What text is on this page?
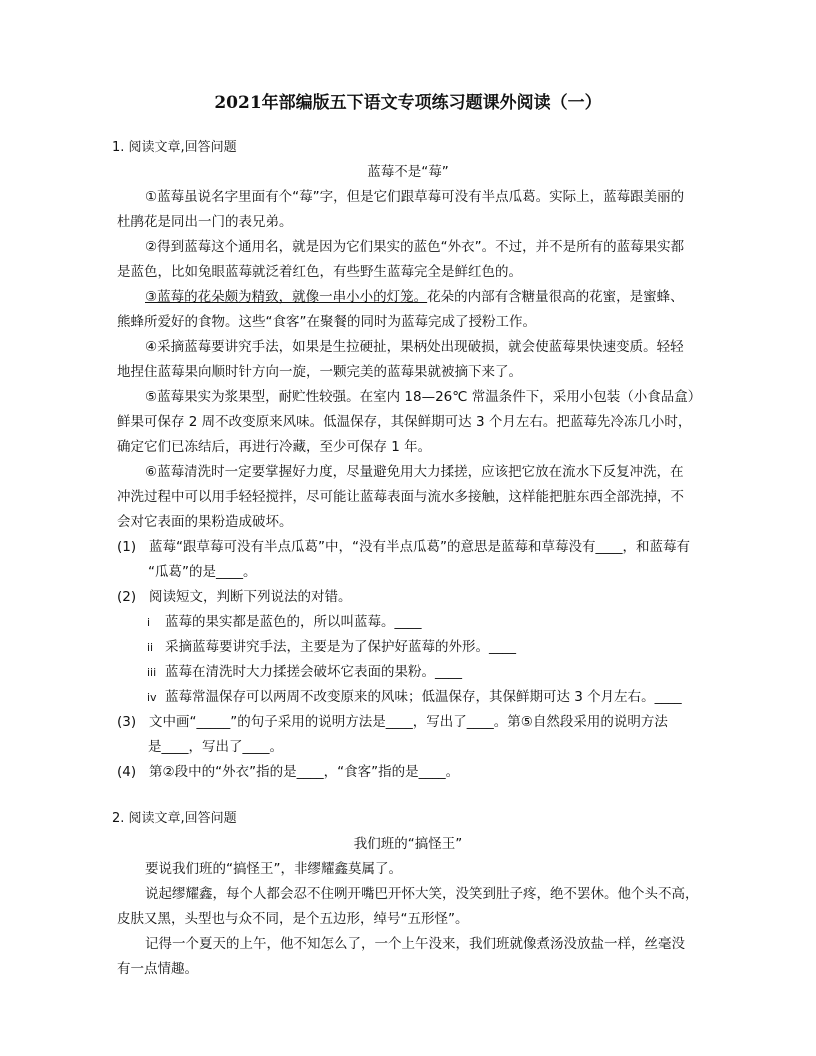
2021年部编版五下语文专项练习题课外阅读（一）
1. 阅读文章,回答问题
蓝莓不是“莓”
①蓝莓虽说名字里面有个“莓”字，但是它们跟草莓可没有半点瓜葛。实际上，蓝莓跟美丽的
杜鹃花是同出一门的表兄弟。
②得到蓝莓这个通用名，就是因为它们果实的蓝色“外衣”。不过，并不是所有的蓝莓果实都
是蓝色，比如兔眼蓝莓就泛着红色，有些野生蓝莓完全是鲜红色的。
③蓝莓的花朵颇为精致，就像一串小小的灯笼。花朵的内部有含糖量很高的花蜜，是蜜蜂、
熊蜂所爱好的食物。这些“食客”在聚餐的同时为蓝莓完成了授粉工作。
④采摘蓝莓要讲究手法，如果是生拉硬扯，果柄处出现破损，就会使蓝莓果快速变质。轻轻
地捏住蓝莓果向顺时针方向一旋，一颗完美的蓝莓果就被摘下来了。
⑤蓝莓果实为浆果型，耐贮性较强。在室内 18—26℃ 常温条件下，采用小包装（小食品盒）
鲜果可保存 2 周不改变原来风味。低温保存，其保鲜期可达 3 个月左右。把蓝莓先冷冻几小时，
确定它们已冻结后，再进行冷藏，至少可保存 1 年。
⑥蓝莓清洗时一定要掌握好力度，尽量避免用大力揉搓，应该把它放在流水下反复冲洗，在
冲洗过程中可以用手轻轻搅拌，尽可能让蓝莓表面与流水多接触，这样能把脏东西全部洗掉，不
会对它表面的果粉造成破坏。
(1) 蓝莓“跟草莓可没有半点瓜葛”中，“没有半点瓜葛”的意思是蓝莓和草莓没有____，和蓝莓有
“瓜葛”的是____。
(2) 阅读短文，判断下列说法的对错。
i 蓝莓的果实都是蓝色的，所以叫蓝莓。____
ii 采摘蓝莓要讲究手法，主要是为了保护好蓝莓的外形。____
iii 蓝莓在清洗时大力揉搓会破坏它表面的果粉。____
iv 蓝莓常温保存可以两周不改变原来的风味；低温保存，其保鲜期可达 3 个月左右。____
(3) 文中画“_____”的句子采用的说明方法是____，写出了____。第⑤自然段采用的说明方法
是____，写出了____。
(4) 第②段中的“外衣”指的是____，“食客”指的是____。
2. 阅读文章,回答问题
我们班的“搞怪王”
要说我们班的“搞怪王”，非缪耀鑫莫属了。
说起缪耀鑫，每个人都会忍不住咧开嘴巴开怀大笑，没笑到肚子疼，绝不罢休。他个头不高，
皮肤又黑，头型也与众不同，是个五边形，绰号“五形怪”。
记得一个夏天的上午，他不知怎么了，一个上午没来，我们班就像煮汤没放盐一样，丝毫没
有一点情趣。
